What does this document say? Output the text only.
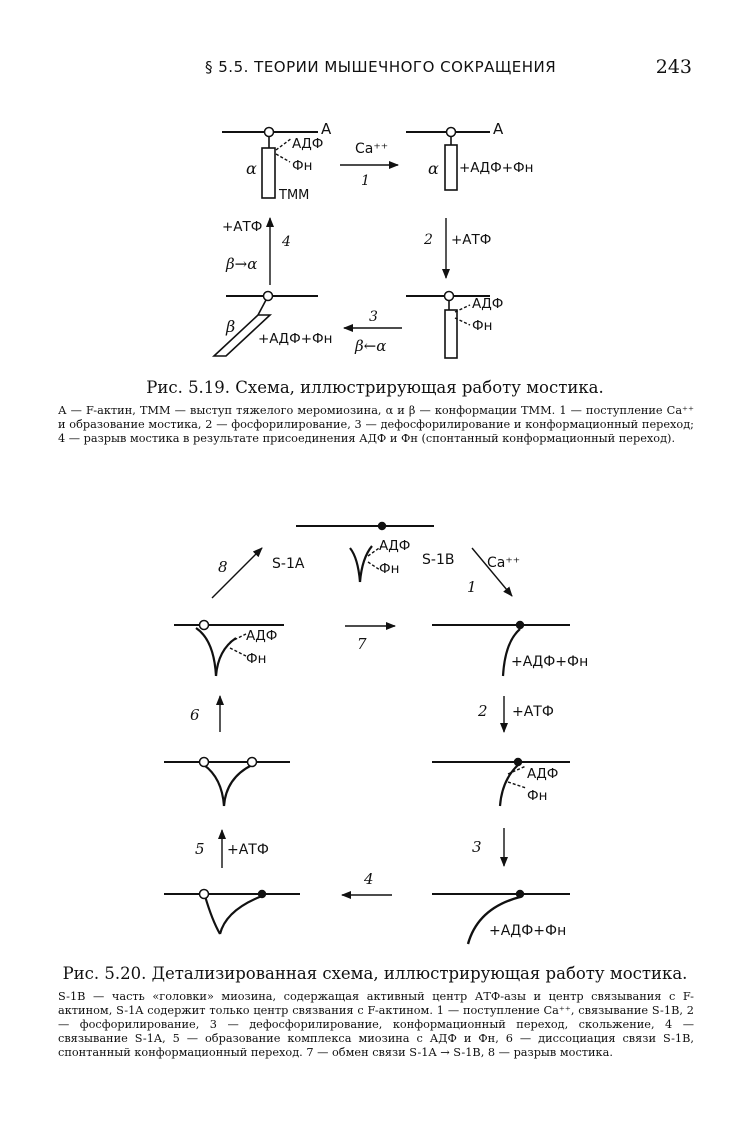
§ 5.5. ТЕОРИИ МЫШЕЧНОГО СОКРАЩЕНИЯ	243
A
АДФ
Фн
ТММ
α
Ca⁺⁺
1
A
α +АДФ+Фн
+АТФ
4
β→α
2 +АТФ
β
+АДФ+Фн
3
β←α
АДФ
Фн
Рис. 5.19. Схема, иллюстрирующая работу мостика.
А — F-актин, ТММ — выступ тяжелого меромиозина, α и β — конформации ТММ. 1 — поступление Ca⁺⁺ и образование мостика, 2 — фосфорилирование, 3 — дефосфорилирование и конформационный переход; 4 — разрыв мостика в результате присоединения АДФ и Фн (спонтанный конформационный переход).
8	S-1A
АДФ
Фн
S-1B Ca⁺⁺
1
АДФ
Фн
7
+АДФ+Фн
6	2 +АТФ
АДФ
Фн
5 +АТФ	3
4
+АДФ+Фн
Рис. 5.20. Детализированная схема, иллюстрирующая работу мостика.
S-1B — часть «головки» миозина, содержащая активный центр АТФ-азы и центр связывания с F-актином, S-1A содержит только центр связвания с F-актином. 1 — поступление Ca⁺⁺, связывание S-1B, 2 — фосфорилирование, 3 — дефосфорилирование, конформационный переход, скольжение, 4 — связывание S-1A, 5 — образование комплекса миозина с АДФ и Фн, 6 — диссоциация связи S-1B, спонтанный конформационный переход. 7 — обмен связи S-1A → S-1B, 8 — разрыв мостика.
